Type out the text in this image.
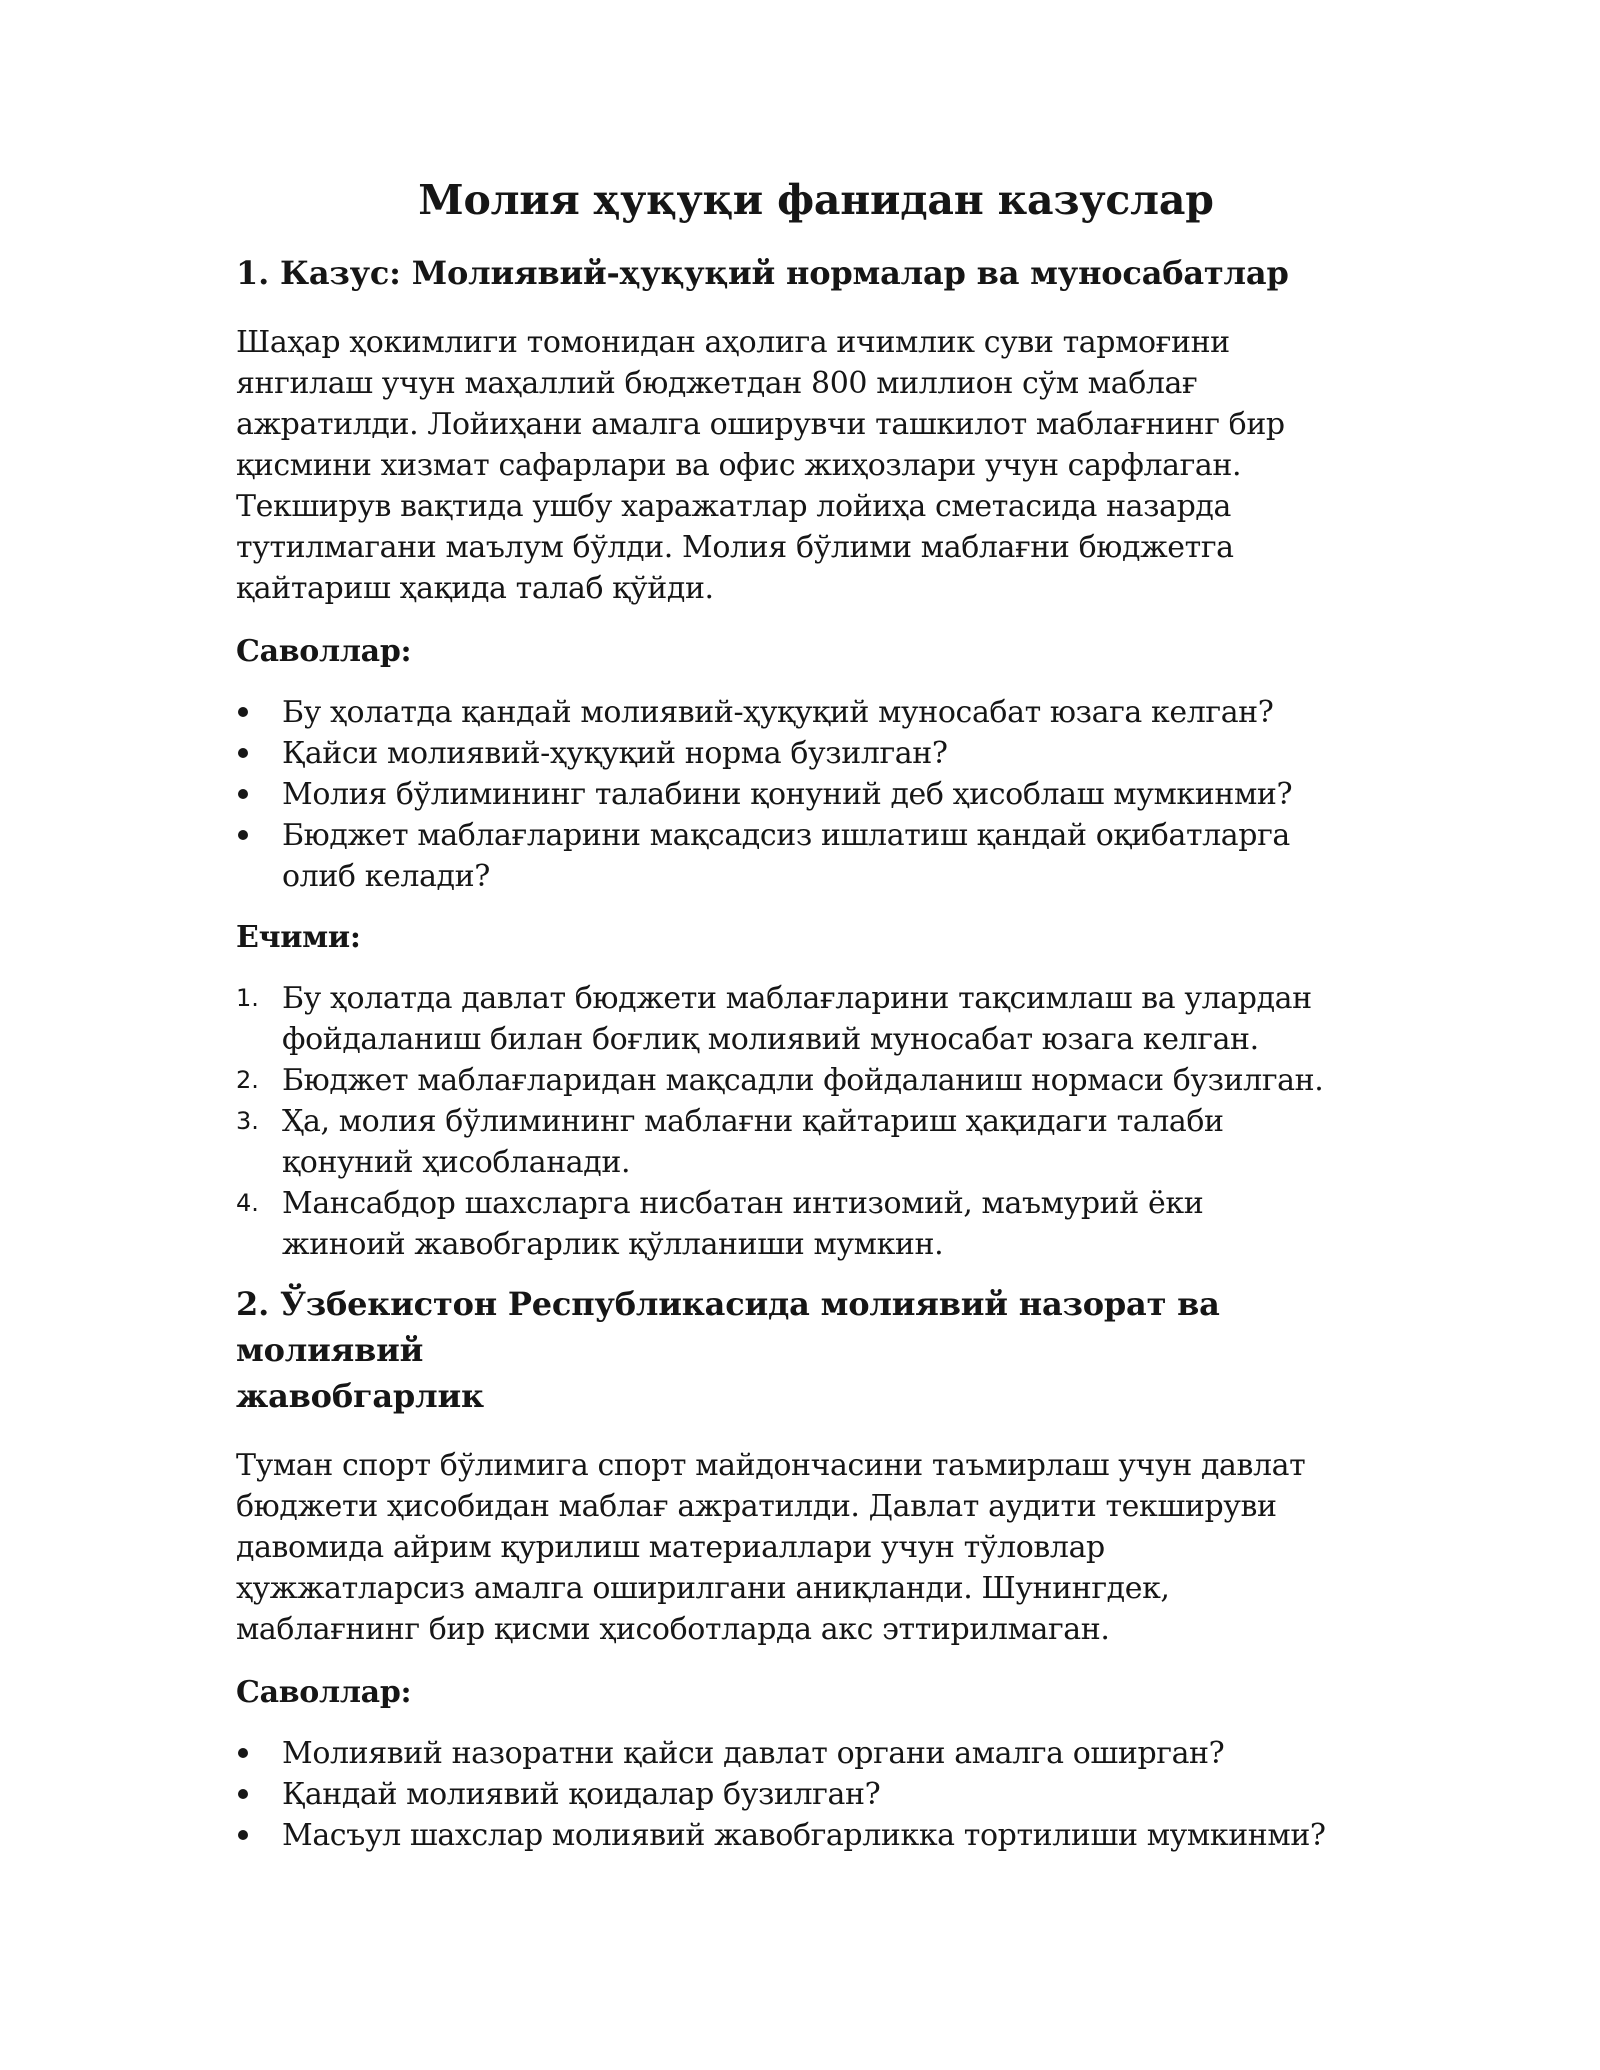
Молия ҳуқуқи фанидан казуслар
1. Казус: Молиявий-ҳуқуқий нормалар ва муносабатлар
Шаҳар ҳокимлиги томонидан аҳолига ичимлик суви тармоғини
янгилаш учун маҳаллий бюджетдан 800 миллион сўм маблағ
ажратилди. Лойиҳани амалга оширувчи ташкилот маблағнинг бир
қисмини хизмат сафарлари ва офис жиҳозлари учун сарфлаган.
Текширув вақтида ушбу харажатлар лойиҳа сметасида назарда
тутилмагани маълум бўлди. Молия бўлими маблағни бюджетга
қайтариш ҳақида талаб қўйди.

Саволлар:

Бу ҳолатда қандай молиявий-ҳуқуқий муносабат юзага келган?
Қайси молиявий-ҳуқуқий норма бузилган?
Молия бўлимининг талабини қонуний деб ҳисоблаш мумкинми?
Бюджет маблағларини мақсадсиз ишлатиш қандай оқибатларга
олиб келади?

Ечими:

1. Бу ҳолатда давлат бюджети маблағларини тақсимлаш ва улардан
фойдаланиш билан боғлиқ молиявий муносабат юзага келган.
2. Бюджет маблағларидан мақсадли фойдаланиш нормаси бузилган.
3. Ҳа, молия бўлимининг маблағни қайтариш ҳақидаги талаби
қонуний ҳисобланади.
4. Мансабдор шахсларга нисбатан интизомий, маъмурий ёки
жиноий жавобгарлик қўлланиши мумкин.
2. Ўзбекистон Республикасида молиявий назорат ва молиявий
жавобгарлик
Туман спорт бўлимига спорт майдончасини таъмирлаш учун давлат
бюджети ҳисобидан маблағ ажратилди. Давлат аудити текшируви
давомида айрим қурилиш материаллари учун тўловлар
ҳужжатларсиз амалга оширилгани аниқланди. Шунингдек,
маблағнинг бир қисми ҳисоботларда акс эттирилмаган.

Саволлар:

Молиявий назоратни қайси давлат органи амалга оширган?
Қандай молиявий қоидалар бузилган?
Масъул шахслар молиявий жавобгарликка тортилиши мумкинми?
